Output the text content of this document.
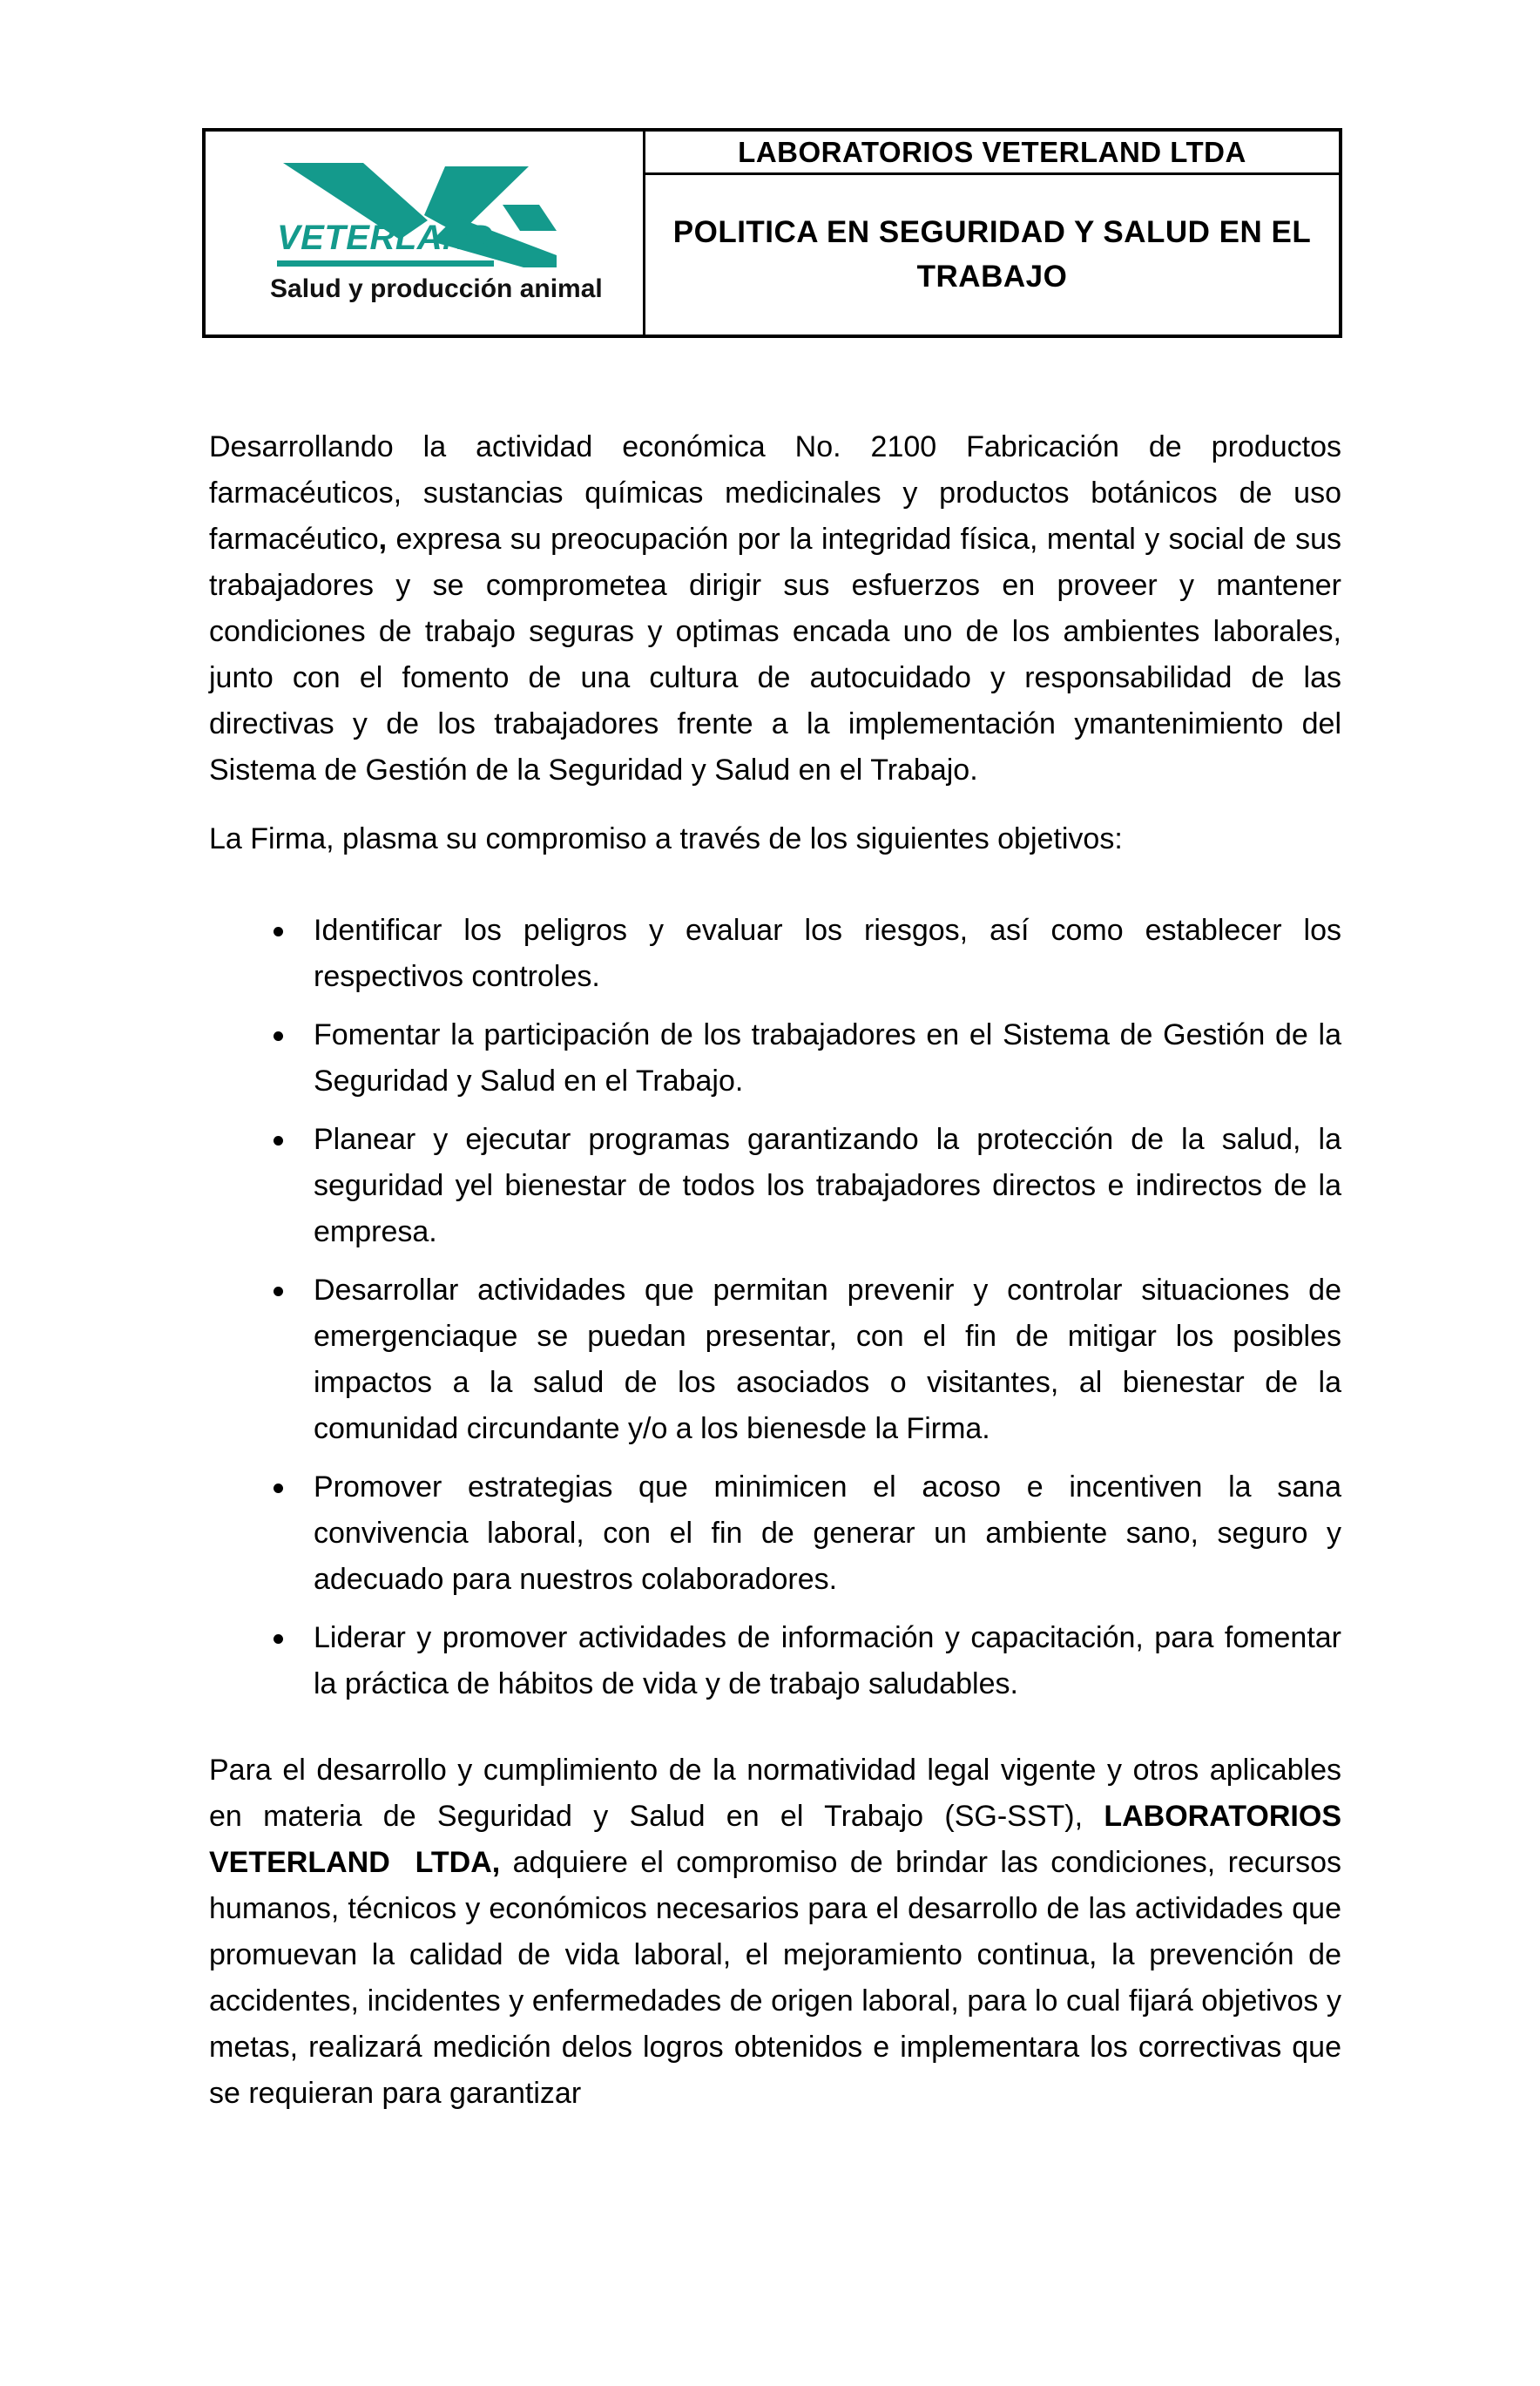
VETERLAND
Salud y producción animal
LABORATORIOS VETERLAND LTDA
POLITICA EN SEGURIDAD Y SALUD EN EL
TRABAJO

Desarrollando la actividad económica No. 2100 Fabricación de productos farmacéuticos, sustancias químicas medicinales y productos botánicos de uso farmacéutico, expresa su preocupación por la integridad física, mental y social de sus trabajadores y se comprometea dirigir sus esfuerzos en proveer y mantener condiciones de trabajo seguras y optimas encada uno de los ambientes laborales, junto con el fomento de una cultura de autocuidado y responsabilidad de las directivas y de los trabajadores frente a la implementación ymantenimiento del Sistema de Gestión de la Seguridad y Salud en el Trabajo.

La Firma, plasma su compromiso a través de los siguientes objetivos:

Identificar los peligros y evaluar los riesgos, así como establecer los respectivos controles.
Fomentar la participación de los trabajadores en el Sistema de Gestión de la Seguridad y Salud en el Trabajo.
Planear y ejecutar programas garantizando la protección de la salud, la seguridad yel bienestar de todos los trabajadores directos e indirectos de la empresa.
Desarrollar actividades que permitan prevenir y controlar situaciones de emergenciaque se puedan presentar, con el fin de mitigar los posibles impactos a la salud de los asociados o visitantes, al bienestar de la comunidad circundante y/o a los bienesde la Firma.
Promover estrategias que minimicen el acoso e incentiven la sana convivencia laboral, con el fin de generar un ambiente sano, seguro y adecuado para nuestros colaboradores.
Liderar y promover actividades de información y capacitación, para fomentar la práctica de hábitos de vida y de trabajo saludables.

Para el desarrollo y cumplimiento de la normatividad legal vigente y otros aplicables en materia de Seguridad y Salud en el Trabajo (SG-SST), LABORATORIOS VETERLAND  LTDA, adquiere el compromiso de brindar las condiciones, recursos humanos, técnicos y económicos necesarios para el desarrollo de las actividades que promuevan la calidad de vida laboral, el mejoramiento continua, la prevención de accidentes, incidentes y enfermedades de origen laboral, para lo cual fijará objetivos y metas, realizará medición delos logros obtenidos e implementara los correctivas que se requieran para garantizar
